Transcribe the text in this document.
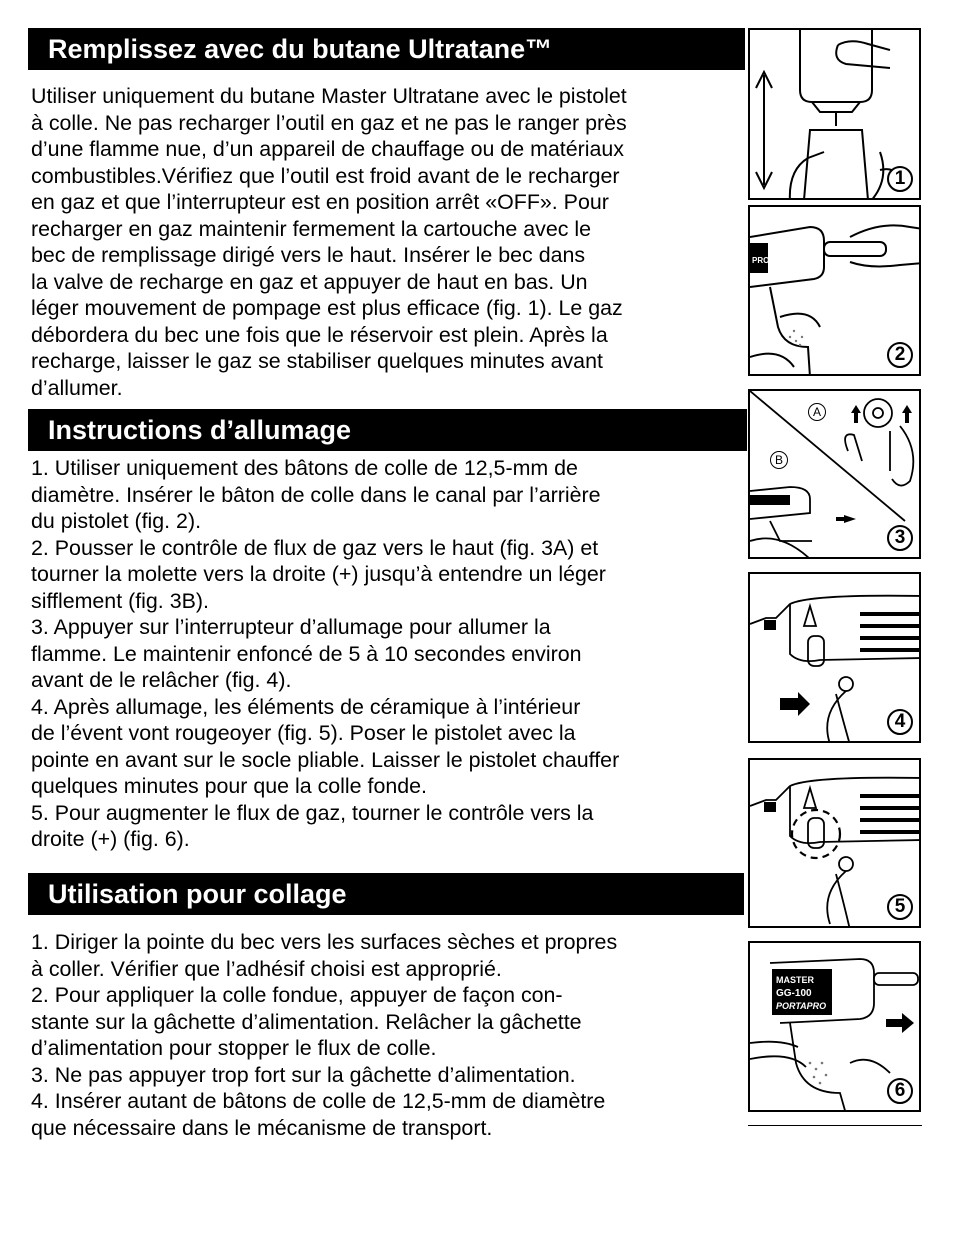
Remplissez avec du butane Ultratane™
Utiliser uniquement du butane Master Ultratane avec le pistolet
à colle. Ne pas recharger l’outil en gaz et ne pas le ranger près
d’une flamme nue, d’un appareil de chauffage ou de matériaux
combustibles.Vérifiez que l’outil est froid avant de le recharger
en gaz et que l’interrupteur est en position arrêt «OFF». Pour
recharger en gaz maintenir fermement la cartouche avec le
bec de remplissage dirigé vers le haut. Insérer le bec dans
la valve de recharge en gaz et appuyer de haut en bas. Un
léger mouvement de pompage est plus efficace (fig. 1). Le gaz
débordera du bec une fois que le réservoir est plein. Après la
recharge, laisser le gaz se stabiliser quelques minutes avant
d’allumer.
Instructions d’allumage
1. Utiliser uniquement des bâtons de colle de 12,5-mm de
diamètre. Insérer le bâton de colle dans le canal par l’arrière
du pistolet (fig. 2).
2. Pousser le contrôle de flux de gaz vers le haut (fig. 3A) et
tourner la molette vers la droite (+) jusqu’à entendre un léger
sifflement (fig. 3B).
3. Appuyer sur l’interrupteur d’allumage pour allumer la
flamme. Le maintenir enfoncé de 5 à 10 secondes environ
avant de le relâcher (fig. 4).
4. Après allumage, les éléments de céramique à l’intérieur
de l’évent vont rougeoyer (fig. 5). Poser le pistolet avec la
pointe en avant sur le socle pliable. Laisser le pistolet chauffer
quelques minutes pour que la colle fonde.
5. Pour augmenter le flux de gaz, tourner le contrôle vers la
droite (+) (fig. 6).
Utilisation pour collage
1. Diriger la pointe du bec vers les surfaces sèches et propres
à coller. Vérifier que l’adhésif choisi est approprié.
2. Pour appliquer la colle fondue, appuyer de façon con-
stante sur la gâchette d’alimentation. Relâcher la gâchette
d’alimentation pour stopper le flux de colle.
3. Ne pas appuyer trop fort sur la gâchette d’alimentation.
4. Insérer autant de bâtons de colle de 12,5-mm de diamètre
que nécessaire dans le mécanisme de transport.
1
PRO
2
A
B
3
4
5
MASTER
GG-100
PORTAPRO
6
